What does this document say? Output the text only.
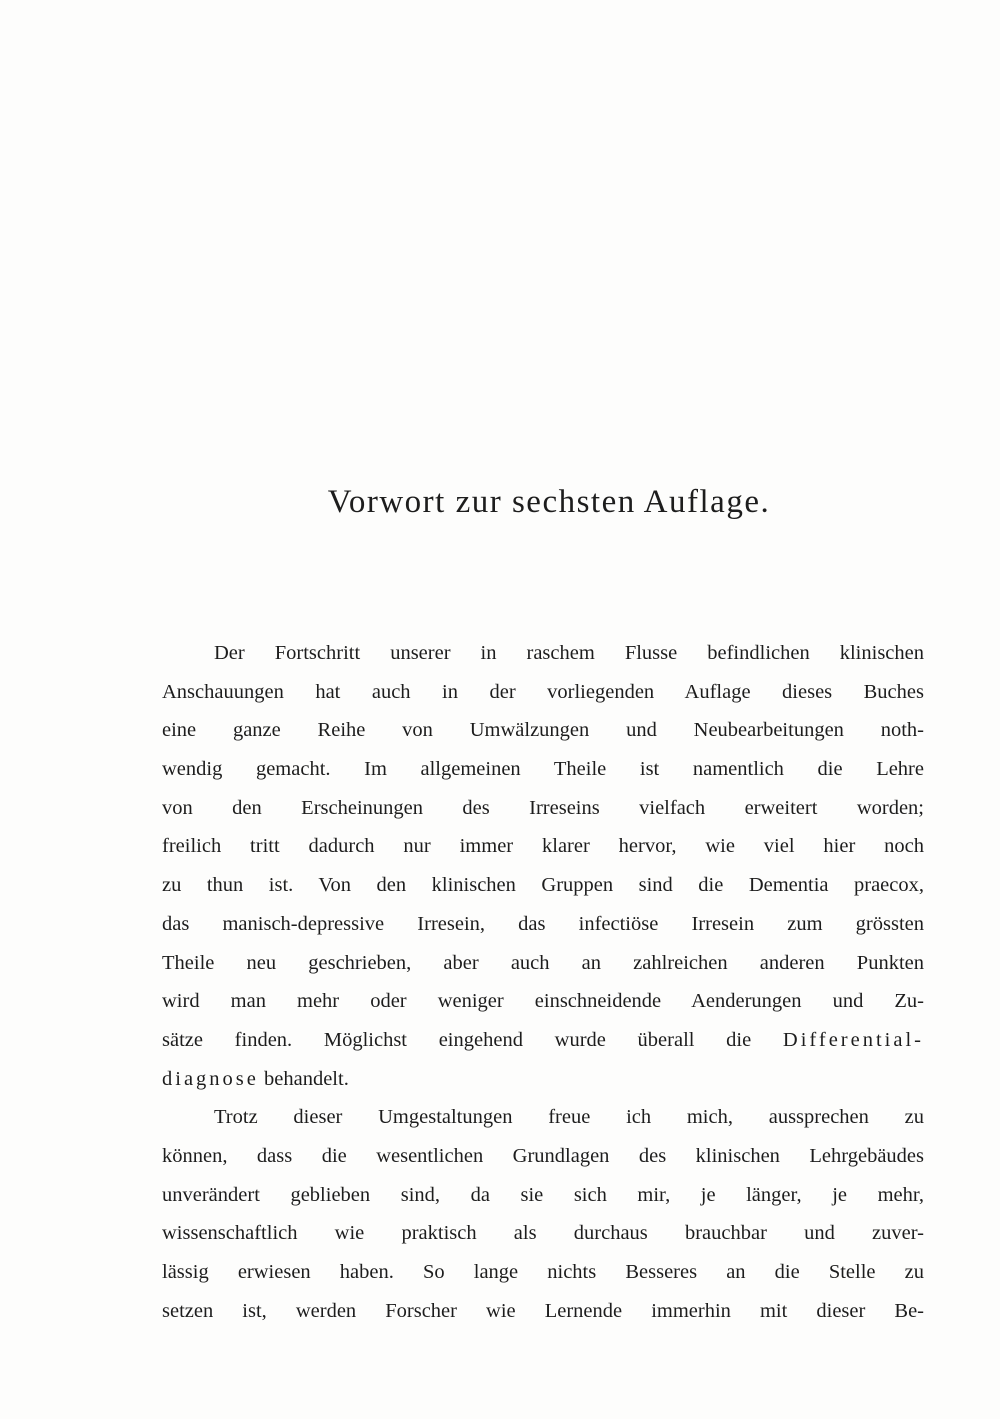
Vorwort zur sechsten Auflage.
Der Fortschritt unserer in raschem Flusse befindlichen klinischen
Anschauungen hat auch in der vorliegenden Auflage dieses Buches
eine ganze Reihe von Umwälzungen und Neubearbeitungen noth-
wendig gemacht. Im allgemeinen Theile ist namentlich die Lehre
von den Erscheinungen des Irreseins vielfach erweitert worden;
freilich tritt dadurch nur immer klarer hervor, wie viel hier noch
zu thun ist. Von den klinischen Gruppen sind die Dementia praecox,
das manisch-depressive Irresein, das infectiöse Irresein zum grössten
Theile neu geschrieben, aber auch an zahlreichen anderen Punkten
wird man mehr oder weniger einschneidende Aenderungen und Zu-
sätze finden. Möglichst eingehend wurde überall die Differential-
diagnose behandelt.
Trotz dieser Umgestaltungen freue ich mich, aussprechen zu
können, dass die wesentlichen Grundlagen des klinischen Lehrgebäudes
unverändert geblieben sind, da sie sich mir, je länger, je mehr,
wissenschaftlich wie praktisch als durchaus brauchbar und zuver-
lässig erwiesen haben. So lange nichts Besseres an die Stelle zu
setzen ist, werden Forscher wie Lernende immerhin mit dieser Be-
